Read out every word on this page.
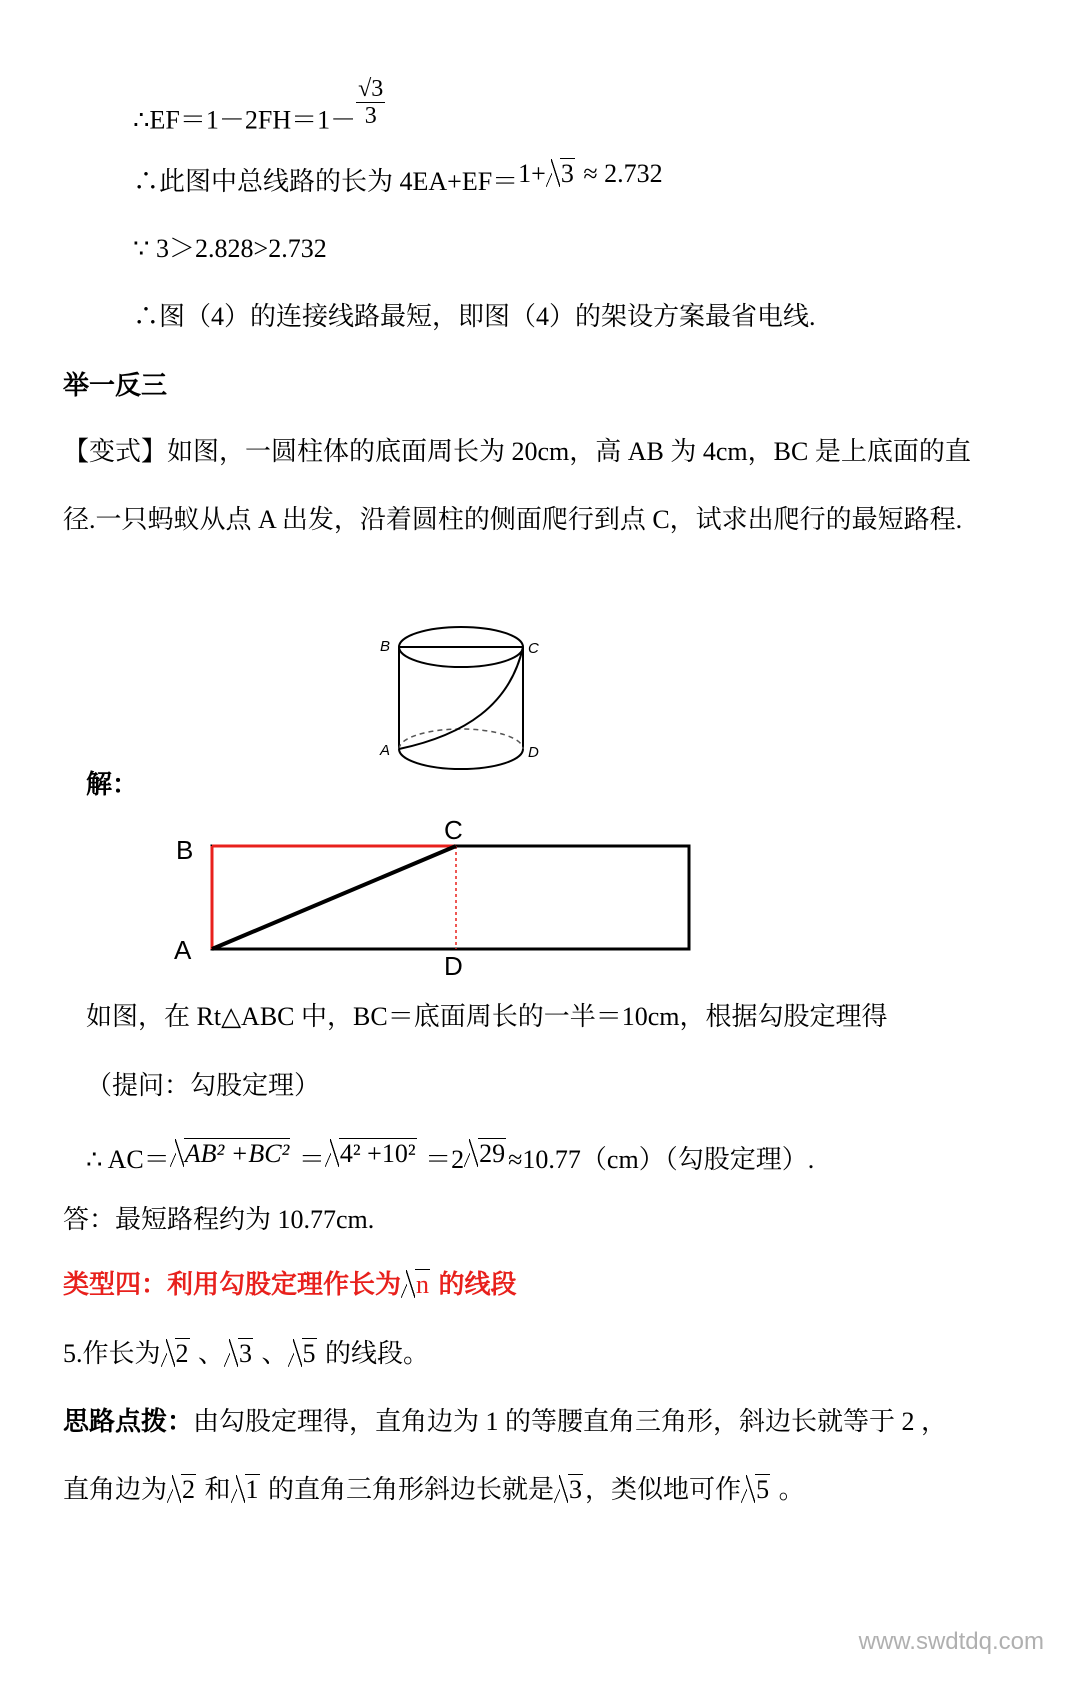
∴EF＝1－2FH＝1－ $\frac{√3}{3}$
∴此图中总线路的长为 4EA+EF＝1+ 3 ≈ 2.732
∵ 3＞2.828>2.732
∴图（4）的连接线路最短，即图（4）的架设方案最省电线.
举一反三
【变式】如图，一圆柱体的底面周长为 20cm，高 AB 为 4cm，BC 是上底面的直
径.一只蚂蚁从点 A 出发，沿着圆柱的侧面爬行到点 C，试求出爬行的最短路程.
B	C
A	D
解：
B
C
A
D
如图，在 Rt△ABC 中，BC＝底面周长的一半＝10cm，根据勾股定理得
（提问：勾股定理）
∴ AC＝ AB² +BC² ＝ 4² +10² ＝2 29 ≈10.77（cm）（勾股定理）.
答：最短路程约为 10.77cm.
类型四：利用勾股定理作长为 n 的线段
5.作长为 2 、 3 、 5 的线段。
思路点拨：由勾股定理得，直角边为 1 的等腰直角三角形，斜边长就等于 2 ，
直角边为 2 和 1 的直角三角形斜边长就是 3 ，类似地可作 5 。
www.swdtdq.com
